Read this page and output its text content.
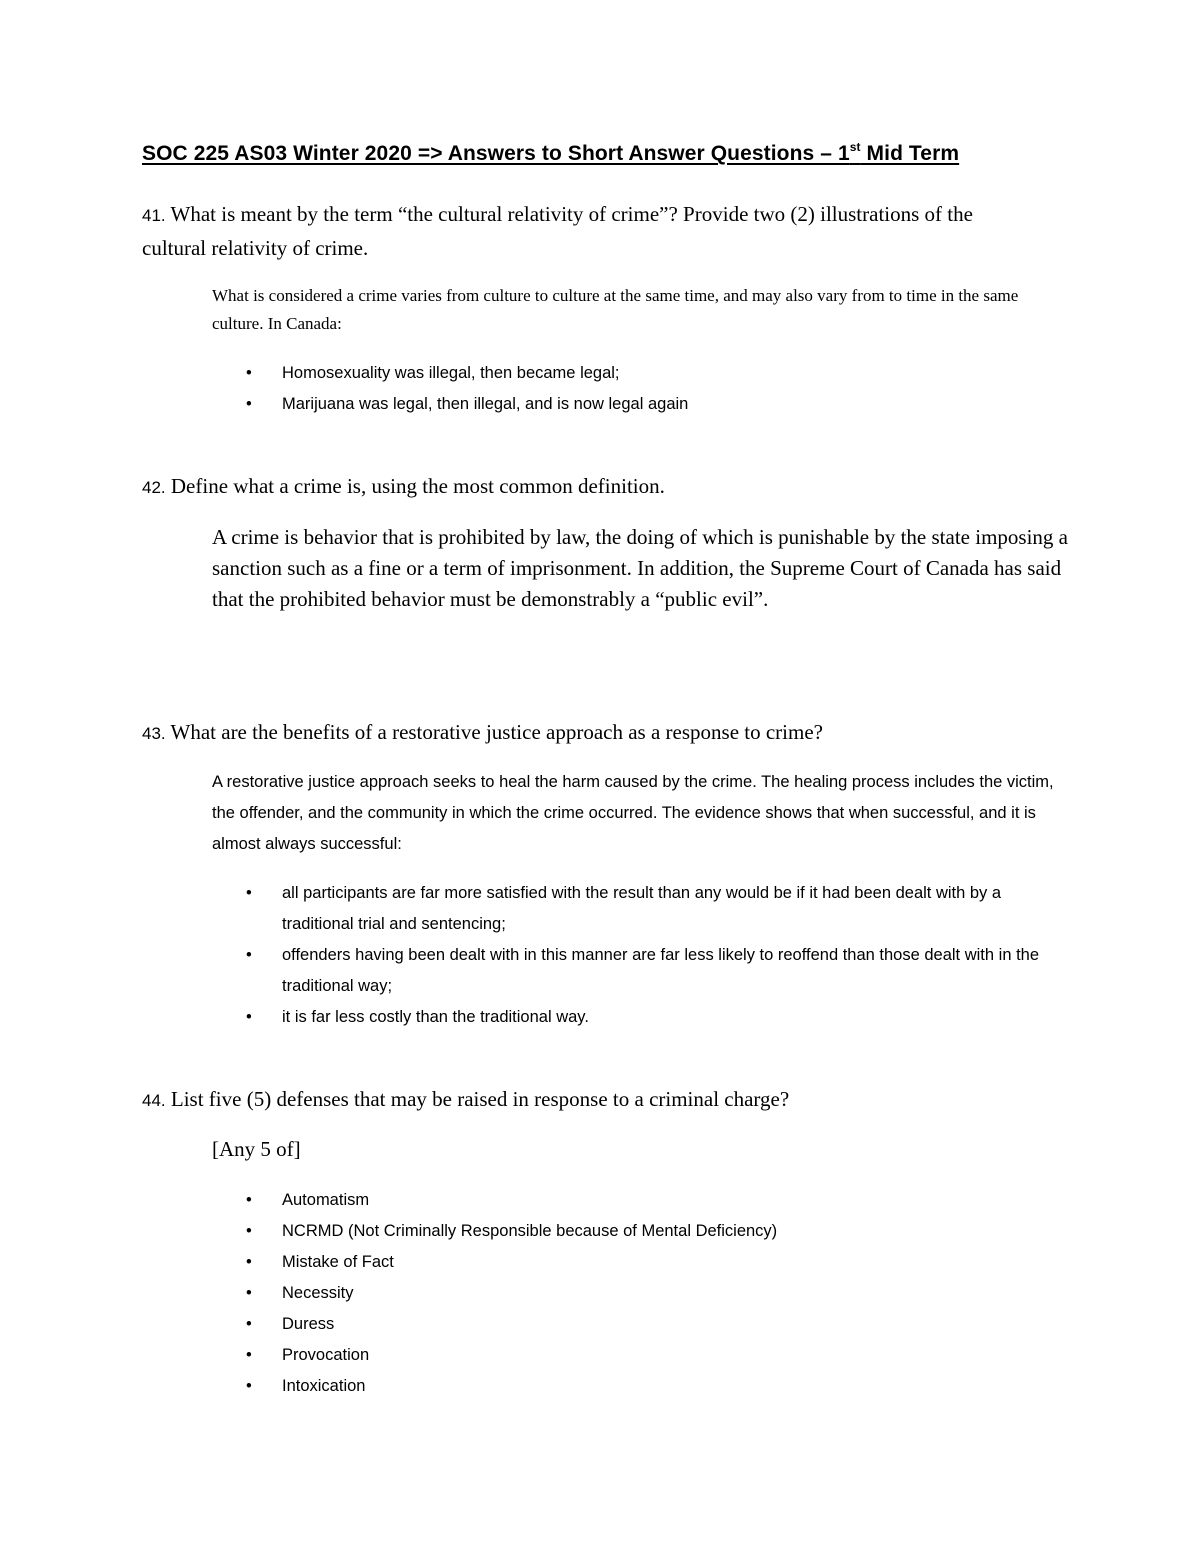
SOC 225 AS03 Winter 2020 => Answers to Short Answer Questions – 1st Mid Term
41. What is meant by the term “the cultural relativity of crime”? Provide two (2) illustrations of the cultural relativity of crime.
What is considered a crime varies from culture to culture at the same time, and may also vary from to time in the same culture. In Canada:
• Homosexuality was illegal, then became legal;
• Marijuana was legal, then illegal, and is now legal again
42. Define what a crime is, using the most common definition.
A crime is behavior that is prohibited by law, the doing of which is punishable by the state imposing a sanction such as a fine or a term of imprisonment. In addition, the Supreme Court of Canada has said that the prohibited behavior must be demonstrably a “public evil”.
43. What are the benefits of a restorative justice approach as a response to crime?
A restorative justice approach seeks to heal the harm caused by the crime. The healing process includes the victim, the offender, and the community in which the crime occurred. The evidence shows that when successful, and it is almost always successful:
• all participants are far more satisfied with the result than any would be if it had been dealt with by a traditional trial and sentencing;
• offenders having been dealt with in this manner are far less likely to reoffend than those dealt with in the traditional way;
• it is far less costly than the traditional way.
44. List five (5) defenses that may be raised in response to a criminal charge?
[Any 5 of]
• Automatism
• NCRMD (Not Criminally Responsible because of Mental Deficiency)
• Mistake of Fact
• Necessity
• Duress
• Provocation
• Intoxication
